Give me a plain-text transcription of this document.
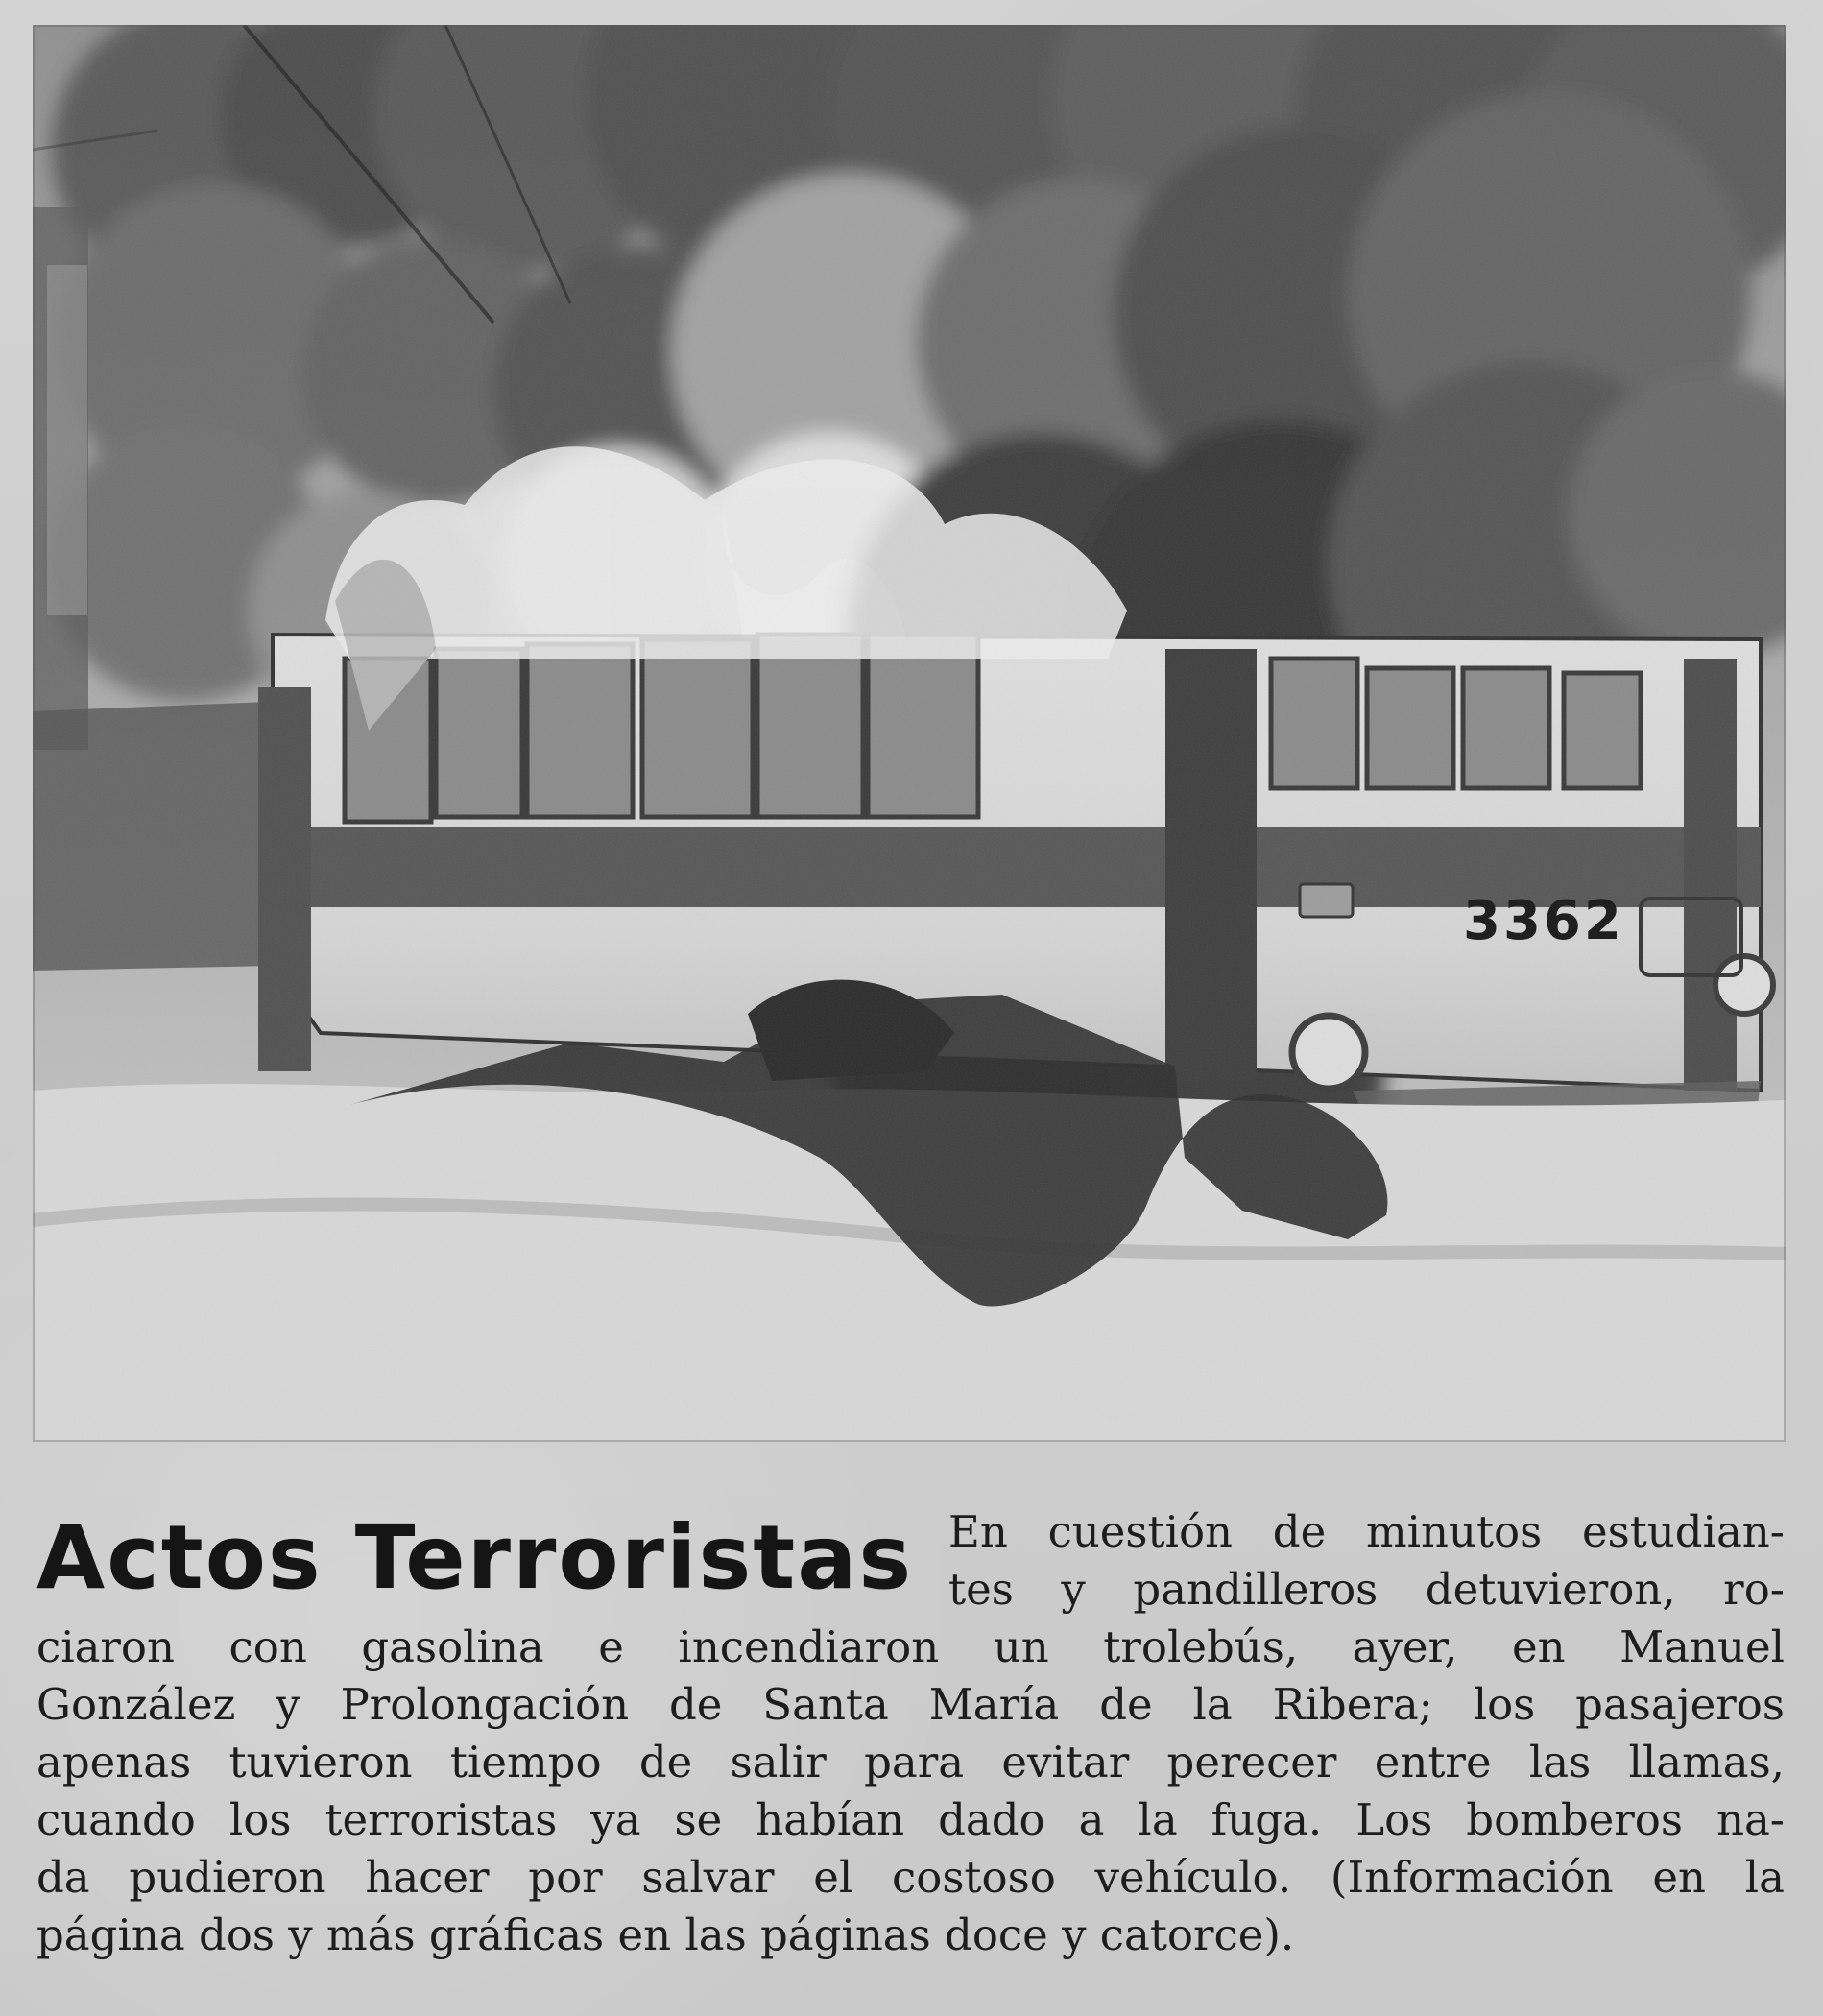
Actos Terroristas En cuestión de minutos estudian-
tes y pandilleros detuvieron, ro-
ciaron con gasolina e incendiaron un trolebús, ayer, en Manuel
González y Prolongación de Santa María de la Ribera; los pasajeros
apenas tuvieron tiempo de salir para evitar perecer entre las llamas,
cuando los terroristas ya se habían dado a la fuga. Los bomberos na-
da pudieron hacer por salvar el costoso vehículo. (Información en la
página dos y más gráficas en las páginas doce y catorce).
